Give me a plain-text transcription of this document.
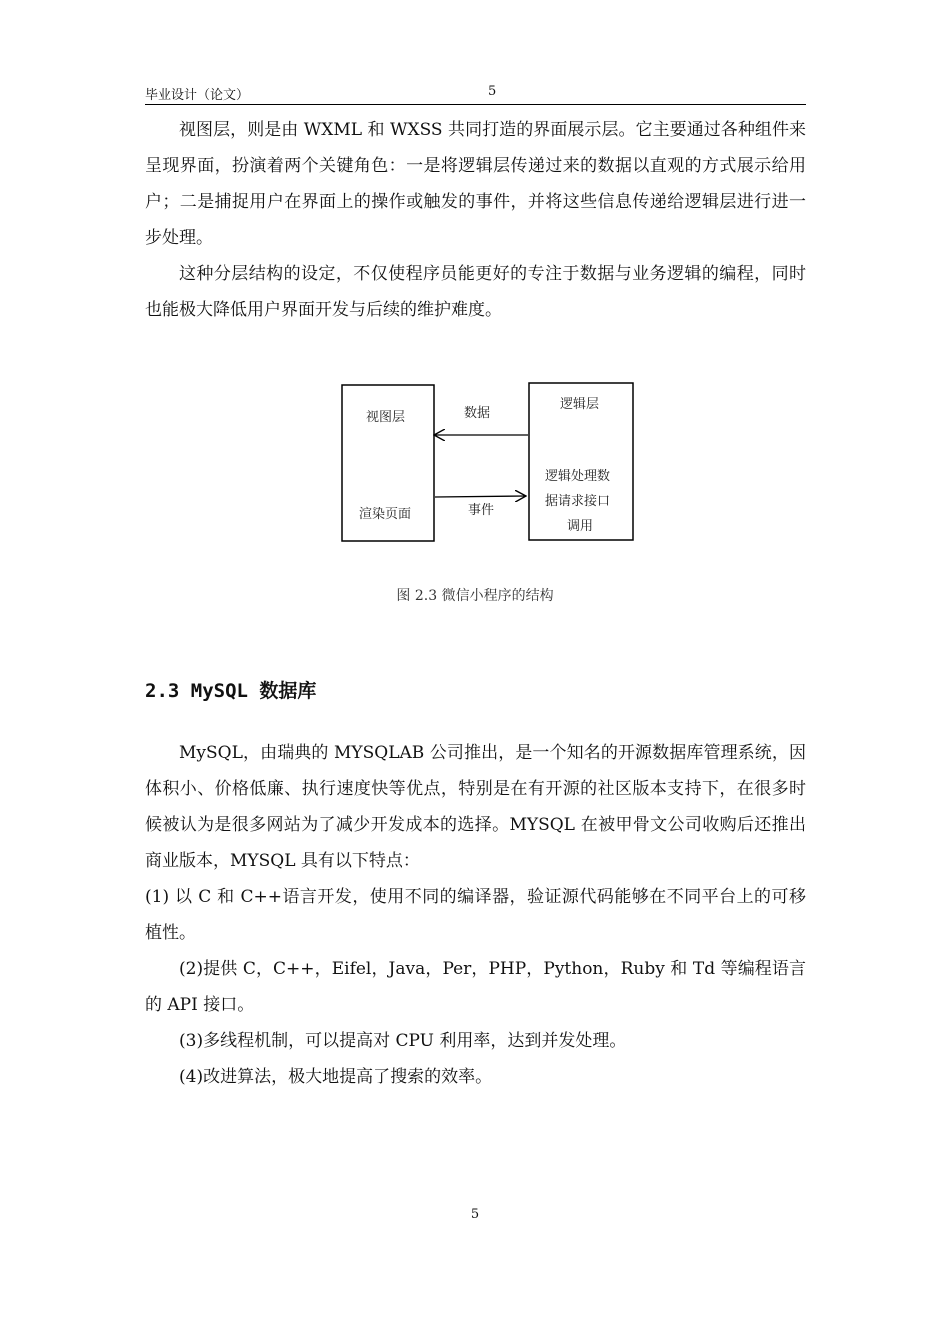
毕业设计（论文）	5

视图层，则是由 WXML 和 WXSS 共同打造的界面展示层。它主要通过各种组件来呈现界面，扮演着两个关键角色：一是将逻辑层传递过来的数据以直观的方式展示给用户；二是捕捉用户在界面上的操作或触发的事件，并将这些信息传递给逻辑层进行进一步处理。

这种分层结构的设定，不仅使程序员能更好的专注于数据与业务逻辑的编程，同时也能极大降低用户界面开发与后续的维护难度。

视图层
渲染页面
逻辑层
逻辑处理数
据请求接口
调用
数据
事件
图 2.3 微信小程序的结构
2.3 MySQL 数据库

MySQL，由瑞典的 MYSQLAB 公司推出，是一个知名的开源数据库管理系统，因体积小、价格低廉、执行速度快等优点，特别是在有开源的社区版本支持下，在很多时候被认为是很多网站为了减少开发成本的选择。MYSQL 在被甲骨文公司收购后还推出商业版本，MYSQL 具有以下特点：

(1) 以 C 和 C++语言开发，使用不同的编译器，验证源代码能够在不同平台上的可移植性。

(2)提供 C，C++，Eifel，Java，Per，PHP，Python，Ruby 和 Td 等编程语言的 API 接口。

(3)多线程机制，可以提高对 CPU 利用率，达到并发处理。

(4)改进算法，极大地提高了搜索的效率。

5
